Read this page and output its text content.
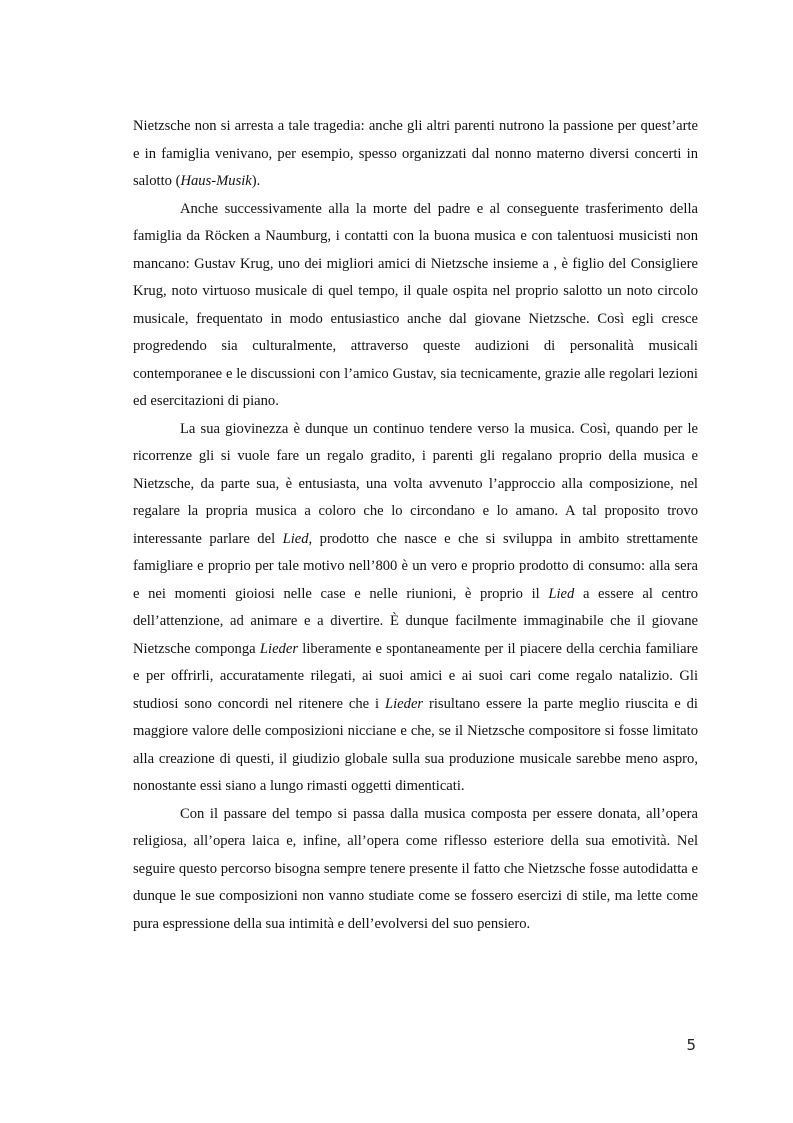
Nietzsche non si arresta a tale tragedia: anche gli altri parenti nutrono la passione per quest’arte e in famiglia venivano, per esempio, spesso organizzati dal nonno materno diversi concerti in salotto (Haus-Musik).

Anche successivamente alla la morte del padre e al conseguente trasferimento della famiglia da Röcken a Naumburg, i contatti con la buona musica e con talentuosi musicisti non mancano: Gustav Krug, uno dei migliori amici di Nietzsche insieme a , è figlio del Consigliere Krug, noto virtuoso musicale di quel tempo, il quale ospita nel proprio salotto un noto circolo musicale, frequentato in modo entusiastico anche dal giovane Nietzsche. Così egli cresce progredendo sia culturalmente, attraverso queste audizioni di personalità musicali contemporanee e le discussioni con l’amico Gustav, sia tecnicamente, grazie alle regolari lezioni ed esercitazioni di piano.

La sua giovinezza è dunque un continuo tendere verso la musica. Così, quando per le ricorrenze gli si vuole fare un regalo gradito, i parenti gli regalano proprio della musica e Nietzsche, da parte sua, è entusiasta, una volta avvenuto l’approccio alla composizione, nel regalare la propria musica a coloro che lo circondano e lo amano. A tal proposito trovo interessante parlare del Lied, prodotto che nasce e che si sviluppa in ambito strettamente famigliare e proprio per tale motivo nell’800 è un vero e proprio prodotto di consumo: alla sera e nei momenti gioiosi nelle case e nelle riunioni, è proprio il Lied a essere al centro dell’attenzione, ad animare e a divertire. È dunque facilmente immaginabile che il giovane Nietzsche componga Lieder liberamente e spontaneamente per il piacere della cerchia familiare e per offrirli, accuratamente rilegati, ai suoi amici e ai suoi cari come regalo natalizio. Gli studiosi sono concordi nel ritenere che i Lieder risultano essere la parte meglio riuscita e di maggiore valore delle composizioni nicciane e che, se il Nietzsche compositore si fosse limitato alla creazione di questi, il giudizio globale sulla sua produzione musicale sarebbe meno aspro, nonostante essi siano a lungo rimasti oggetti dimenticati.

Con il passare del tempo si passa dalla musica composta per essere donata, all’opera religiosa, all’opera laica e, infine, all’opera come riflesso esteriore della sua emotività. Nel seguire questo percorso bisogna sempre tenere presente il fatto che Nietzsche fosse autodidatta e dunque le sue composizioni non vanno studiate come se fossero esercizi di stile, ma lette come pura espressione della sua intimità e dell’evolversi del suo pensiero.

5
